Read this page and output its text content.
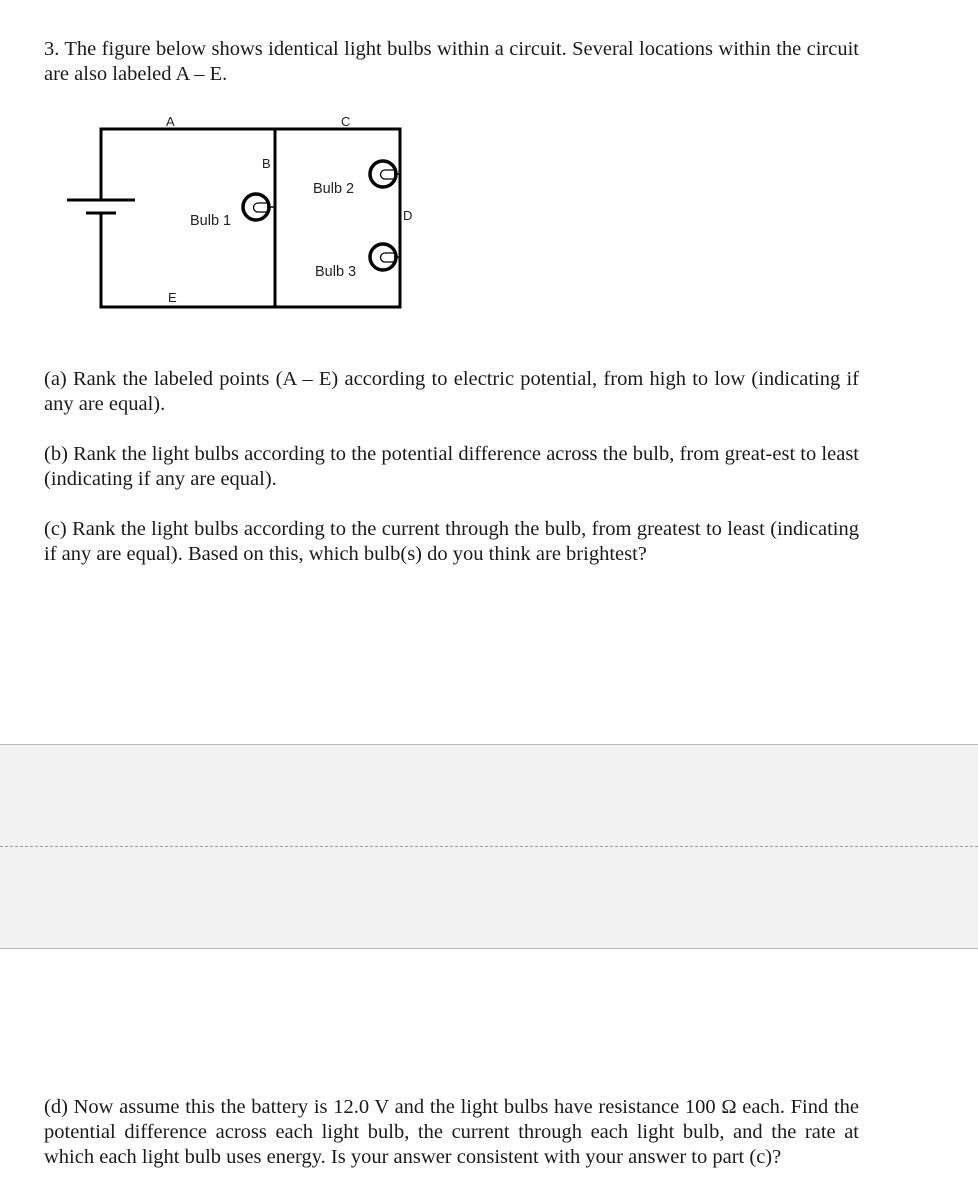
3. The figure below shows identical light bulbs within a circuit. Several locations within the circuit are also labeled A – E.

A
B
C
D
E
Bulb 1
Bulb 2
Bulb 3

(a) Rank the labeled points (A – E) according to electric potential, from high to low (indicating if any are equal).

(b) Rank the light bulbs according to the potential difference across the bulb, from great-est to least (indicating if any are equal).

(c) Rank the light bulbs according to the current through the bulb, from greatest to least (indicating if any are equal). Based on this, which bulb(s) do you think are brightest?

(d) Now assume this the battery is 12.0 V and the light bulbs have resistance 100 Ω each. Find the potential difference across each light bulb, the current through each light bulb, and the rate at which each light bulb uses energy. Is your answer consistent with your answer to part (c)?
